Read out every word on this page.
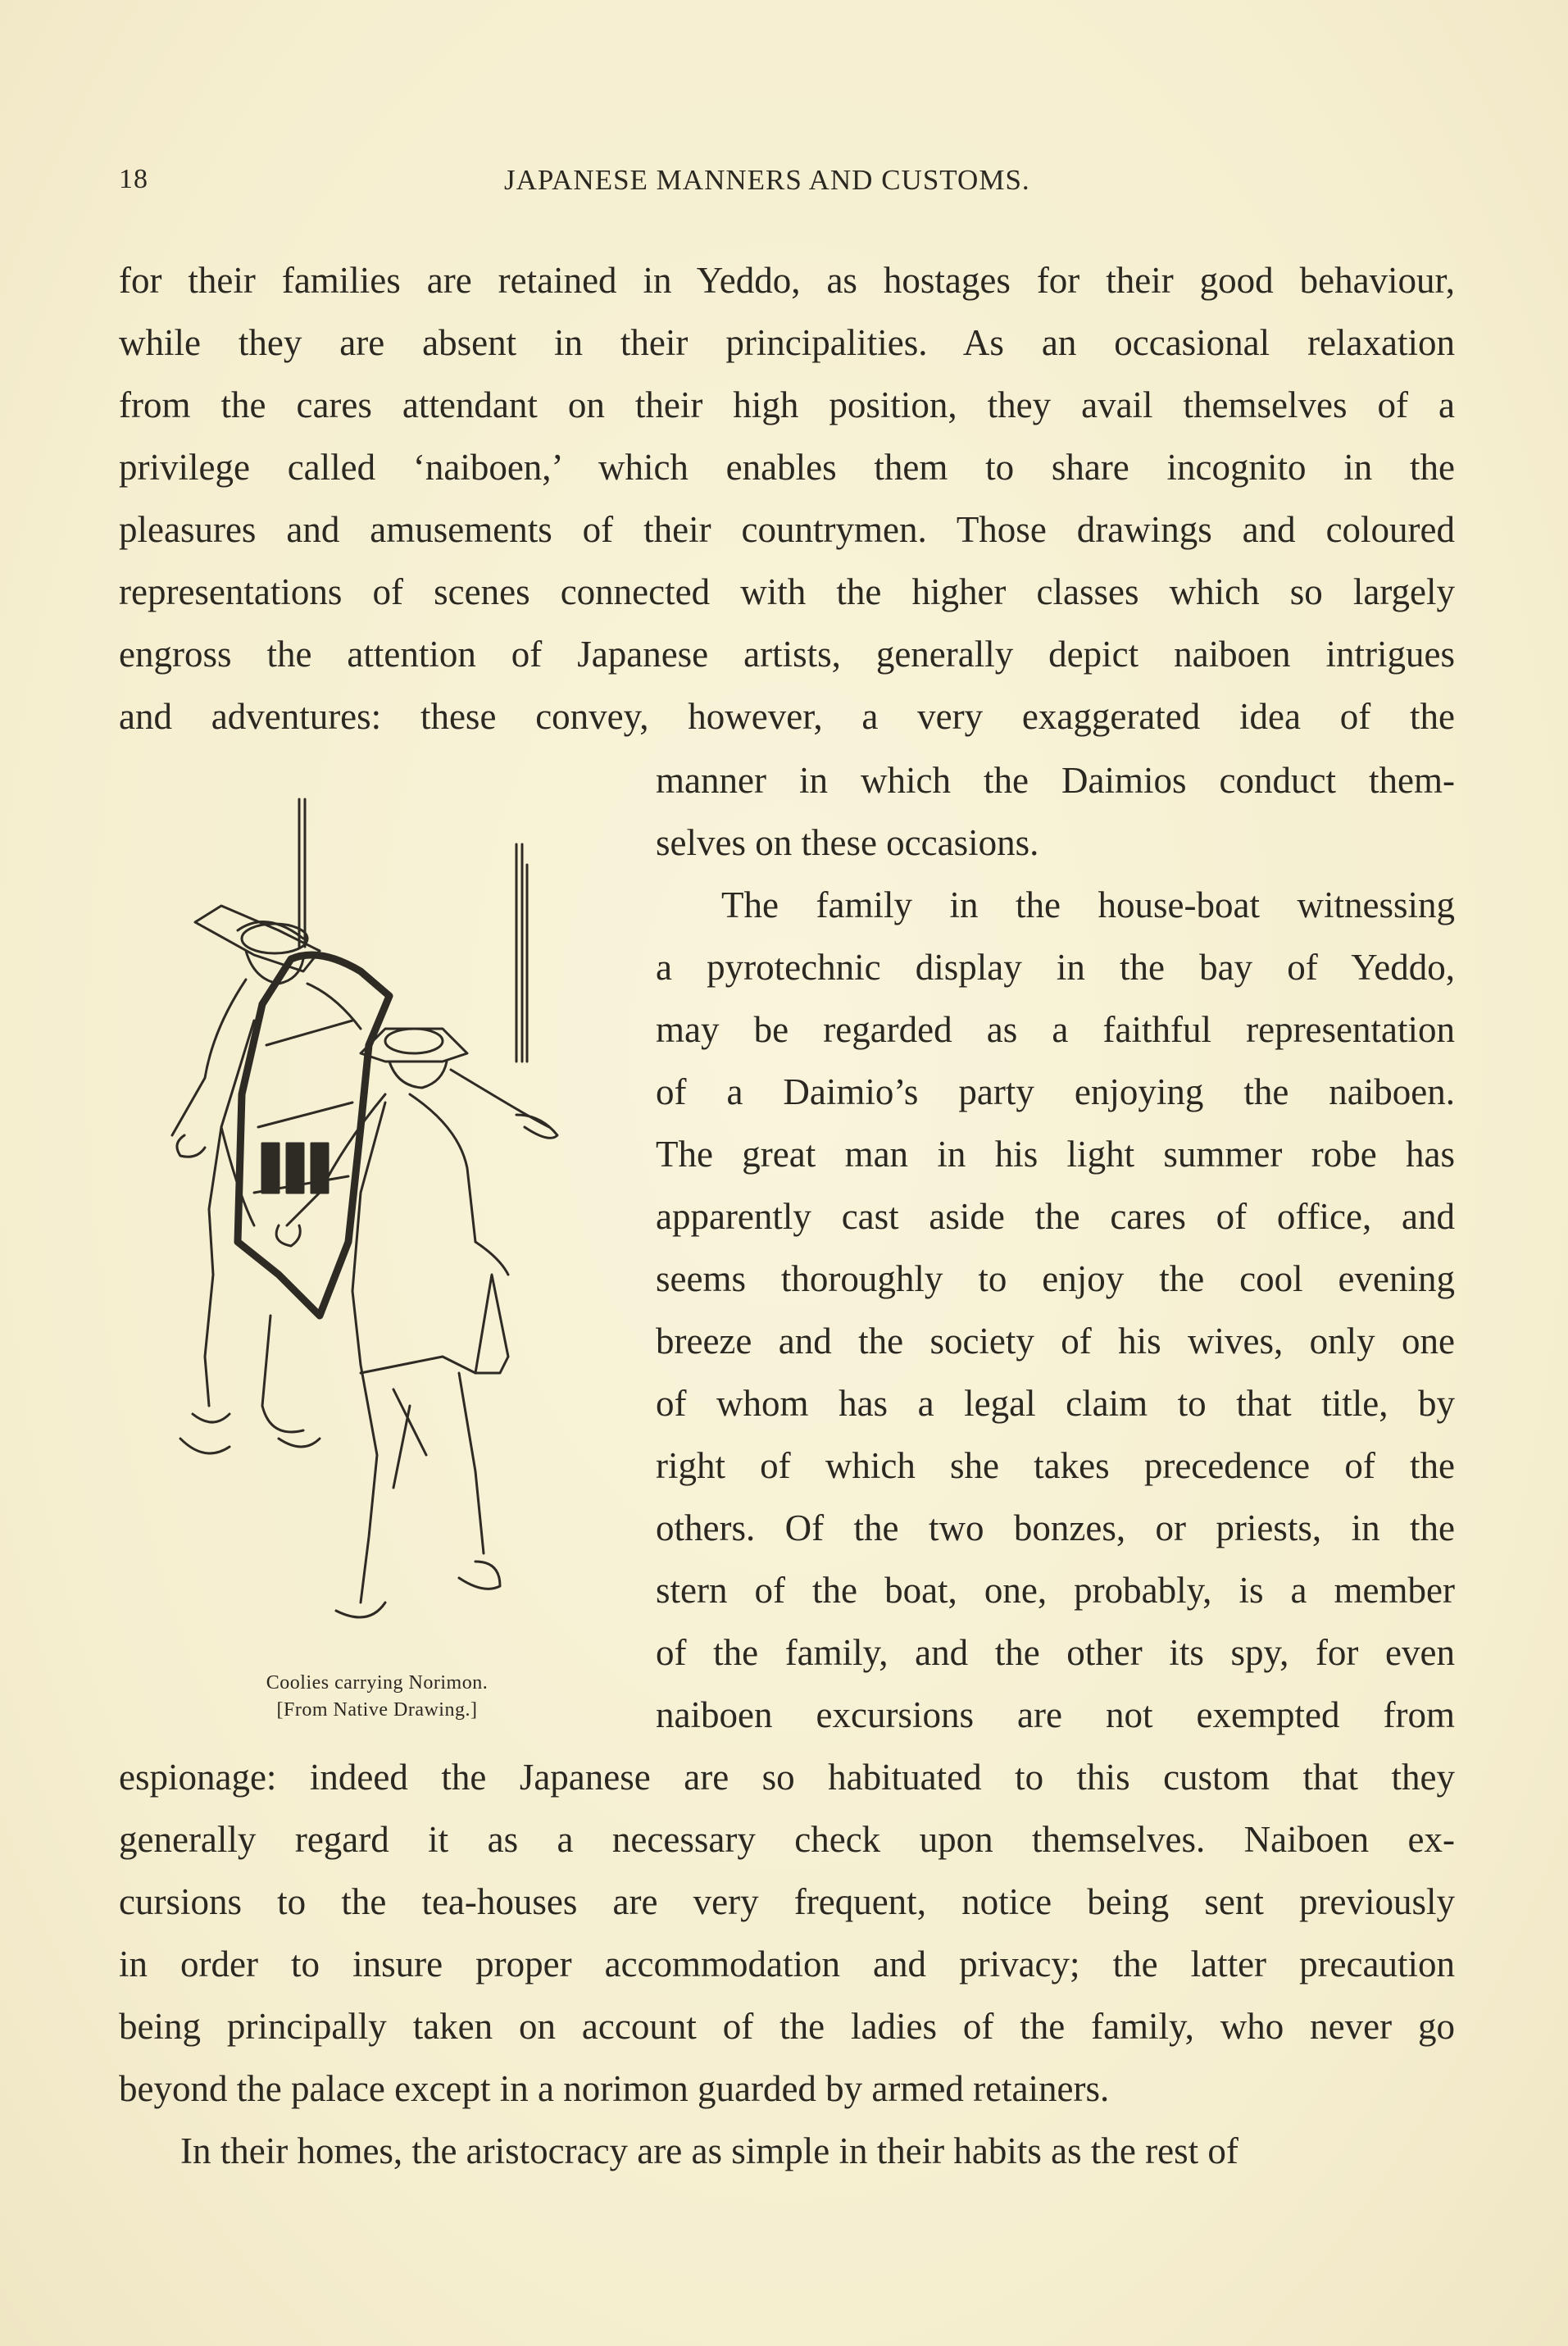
18	JAPANESE MANNERS AND CUSTOMS.
for their families are retained in Yeddo, as hostages for their good behaviour,
while they are absent in their principalities. As an occasional relaxation
from the cares attendant on their high position, they avail themselves of a
privilege called ‘naiboen,’ which enables them to share incognito in the
pleasures and amusements of their countrymen. Those drawings and coloured
representations of scenes connected with the higher classes which so largely
engross the attention of Japanese artists, generally depict naiboen intrigues
and adventures: these convey, however, a very exaggerated idea of the
manner in which the Daimios conduct them-
selves on these occasions.
The family in the house-boat witnessing
a pyrotechnic display in the bay of Yeddo,
may be regarded as a faithful representation
of a Daimio’s party enjoying the naiboen.
The great man in his light summer robe has
apparently cast aside the cares of office, and
seems thoroughly to enjoy the cool evening
breeze and the society of his wives, only one
of whom has a legal claim to that title, by
right of which she takes precedence of the
others. Of the two bonzes, or priests, in the
stern of the boat, one, probably, is a member
of the family, and the other its spy, for even
naiboen excursions are not exempted from
espionage: indeed the Japanese are so habituated to this custom that they
generally regard it as a necessary check upon themselves. Naiboen ex-
cursions to the tea-houses are very frequent, notice being sent previously
in order to insure proper accommodation and privacy; the latter precaution
being principally taken on account of the ladies of the family, who never go
beyond the palace except in a norimon guarded by armed retainers.
In their homes, the aristocracy are as simple in their habits as the rest of
Coolies carrying Norimon.
[From Native Drawing.]
